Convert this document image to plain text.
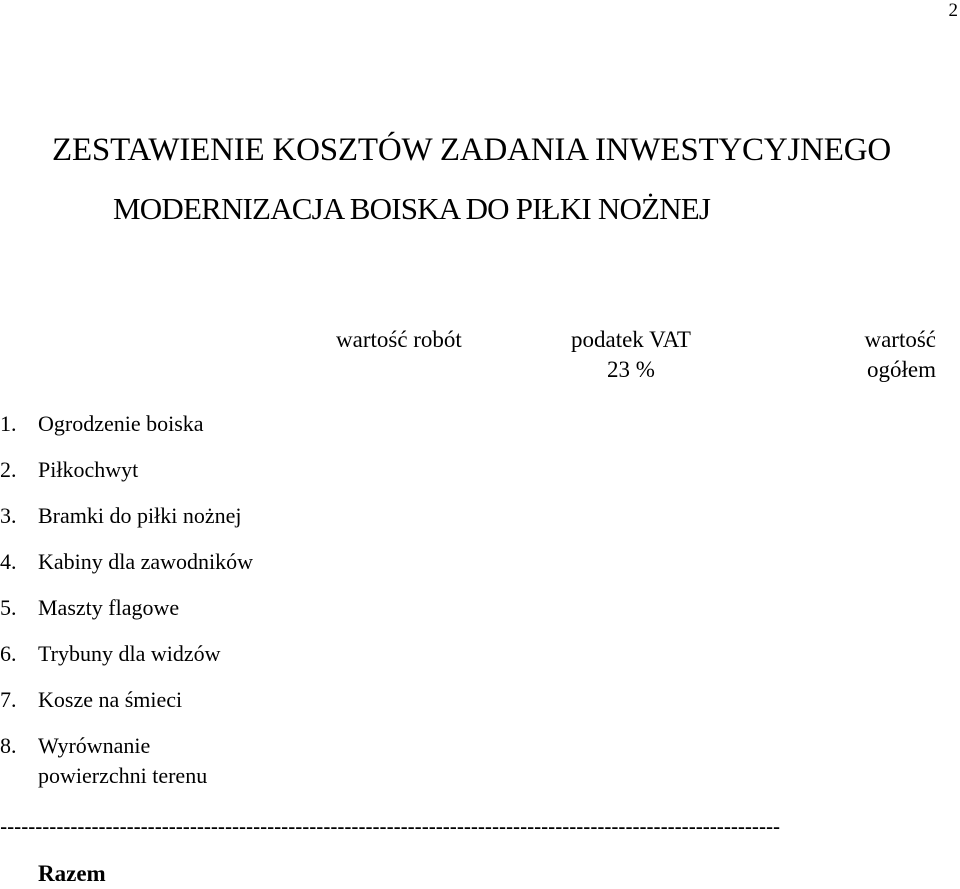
2
ZESTAWIENIE KOSZTÓW ZADANIA INWESTYCYJNEGO
MODERNIZACJA BOISKA DO PIŁKI NOŻNEJ
wartość robót	podatek VAT
23 %
wartość
ogółem
1. Ogrodzenie boiska
2. Piłkochwyt
3. Bramki do piłki nożnej
4. Kabiny dla zawodników
5. Maszty flagowe
6. Trybuny dla widzów
7. Kosze na śmieci
8. Wyrównanie
powierzchni terenu
---------------------------------------------------------------------------------------------------------------
Razem
